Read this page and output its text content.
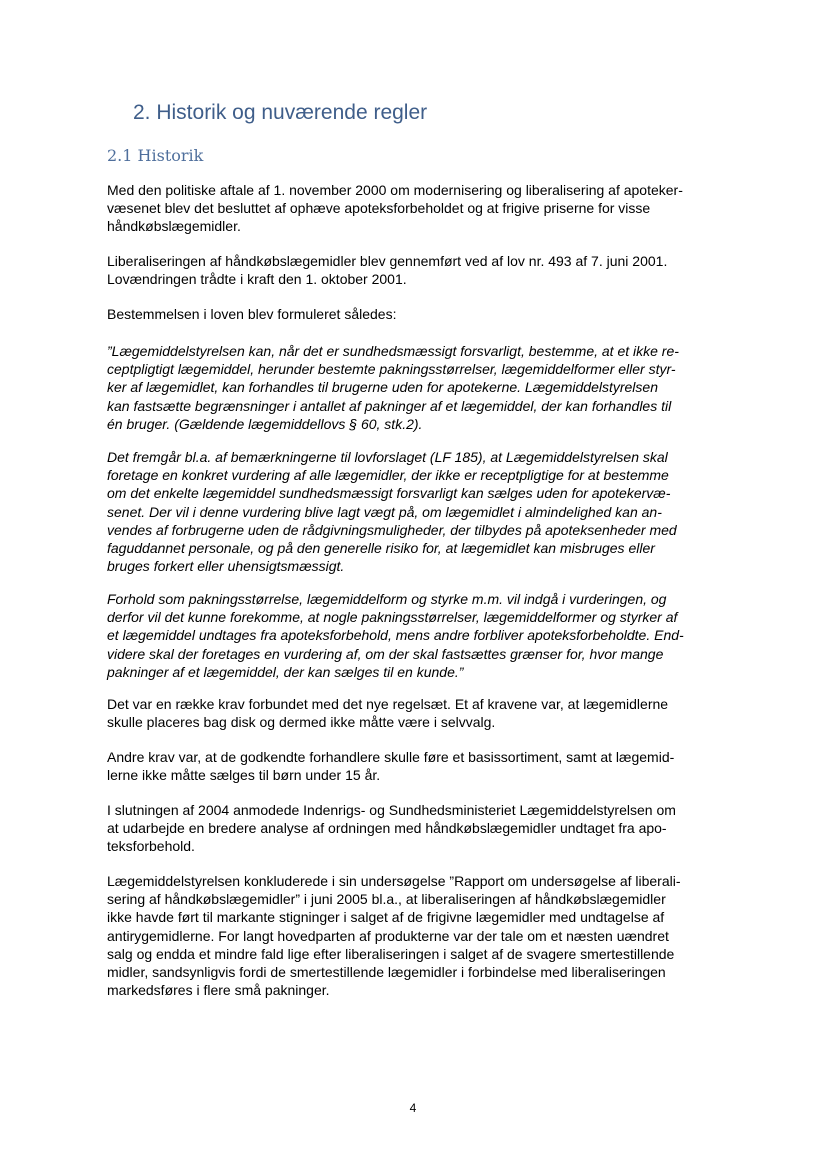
2. Historik og nuværende regler
2.1 Historik

Med den politiske aftale af 1. november 2000 om modernisering og liberalisering af apoteker-
væsenet blev det besluttet af ophæve apoteksforbeholdet og at frigive priserne for visse
håndkøbslægemidler.

Liberaliseringen af håndkøbslægemidler blev gennemført ved af lov nr. 493 af 7. juni 2001.
Lovændringen trådte i kraft den 1. oktober 2001.

Bestemmelsen i loven blev formuleret således:

”Lægemiddelstyrelsen kan, når det er sundhedsmæssigt forsvarligt, bestemme, at et ikke re-
ceptpligtigt lægemiddel, herunder bestemte pakningsstørrelser, lægemiddelformer eller styr-
ker af lægemidlet, kan forhandles til brugerne uden for apotekerne. Lægemiddelstyrelsen
kan fastsætte begrænsninger i antallet af pakninger af et lægemiddel, der kan forhandles til
én bruger. (Gældende lægemiddellovs § 60, stk.2).

Det fremgår bl.a. af bemærkningerne til lovforslaget (LF 185), at Lægemiddelstyrelsen skal
foretage en konkret vurdering af alle lægemidler, der ikke er receptpligtige for at bestemme
om det enkelte lægemiddel sundhedsmæssigt forsvarligt kan sælges uden for apotekervæ-
senet. Der vil i denne vurdering blive lagt vægt på, om lægemidlet i almindelighed kan an-
vendes af forbrugerne uden de rådgivningsmuligheder, der tilbydes på apoteksenheder med
faguddannet personale, og på den generelle risiko for, at lægemidlet kan misbruges eller
bruges forkert eller uhensigtsmæssigt.

Forhold som pakningsstørrelse, lægemiddelform og styrke m.m. vil indgå i vurderingen, og
derfor vil det kunne forekomme, at nogle pakningsstørrelser, lægemiddelformer og styrker af
et lægemiddel undtages fra apoteksforbehold, mens andre forbliver apoteksforbeholdte. End-
videre skal der foretages en vurdering af, om der skal fastsættes grænser for, hvor mange
pakninger af et lægemiddel, der kan sælges til en kunde.”

Det var en række krav forbundet med det nye regelsæt. Et af kravene var, at lægemidlerne
skulle placeres bag disk og dermed ikke måtte være i selvvalg.

Andre krav var, at de godkendte forhandlere skulle føre et basissortiment, samt at lægemid-
lerne ikke måtte sælges til børn under 15 år.

I slutningen af 2004 anmodede Indenrigs- og Sundhedsministeriet Lægemiddelstyrelsen om
at udarbejde en bredere analyse af ordningen med håndkøbslægemidler undtaget fra apo-
teksforbehold.

Lægemiddelstyrelsen konkluderede i sin undersøgelse ”Rapport om undersøgelse af liberali-
sering af håndkøbslægemidler” i juni 2005 bl.a., at liberaliseringen af håndkøbslægemidler
ikke havde ført til markante stigninger i salget af de frigivne lægemidler med undtagelse af
antirygemidlerne. For langt hovedparten af produkterne var der tale om et næsten uændret
salg og endda et mindre fald lige efter liberaliseringen i salget af de svagere smertestillende
midler, sandsynligvis fordi de smertestillende lægemidler i forbindelse med liberaliseringen
markedsføres i flere små pakninger.

4
